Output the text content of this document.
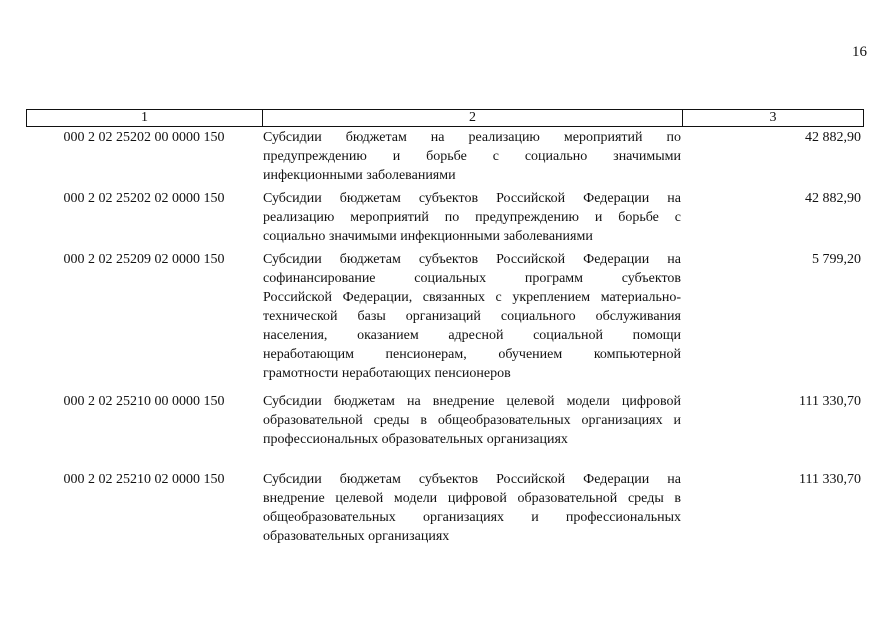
16
1	2	3
000 2 02 25202 00 0000 150	Субсидии бюджетам на реализацию мероприятий по
предупреждению и борьбе с социально значимыми
инфекционными заболеваниями
42 882,90
000 2 02 25202 02 0000 150	Субсидии бюджетам субъектов Российской Федерации на
реализацию мероприятий по предупреждению и борьбе с
социально значимыми инфекционными заболеваниями
42 882,90
000 2 02 25209 02 0000 150	Субсидии бюджетам субъектов Российской Федерации на
софинансирование социальных программ субъектов
Российской Федерации, связанных с укреплением материально-
технической базы организаций социального обслуживания
населения, оказанием адресной социальной помощи
неработающим пенсионерам, обучением компьютерной
грамотности неработающих пенсионеров
5 799,20
000 2 02 25210 00 0000 150	Субсидии бюджетам на внедрение целевой модели цифровой
образовательной среды в общеобразовательных организациях и
профессиональных образовательных организациях
111 330,70
000 2 02 25210 02 0000 150	Субсидии бюджетам субъектов Российской Федерации на
внедрение целевой модели цифровой образовательной среды в
общеобразовательных организациях и профессиональных
образовательных организациях
111 330,70
